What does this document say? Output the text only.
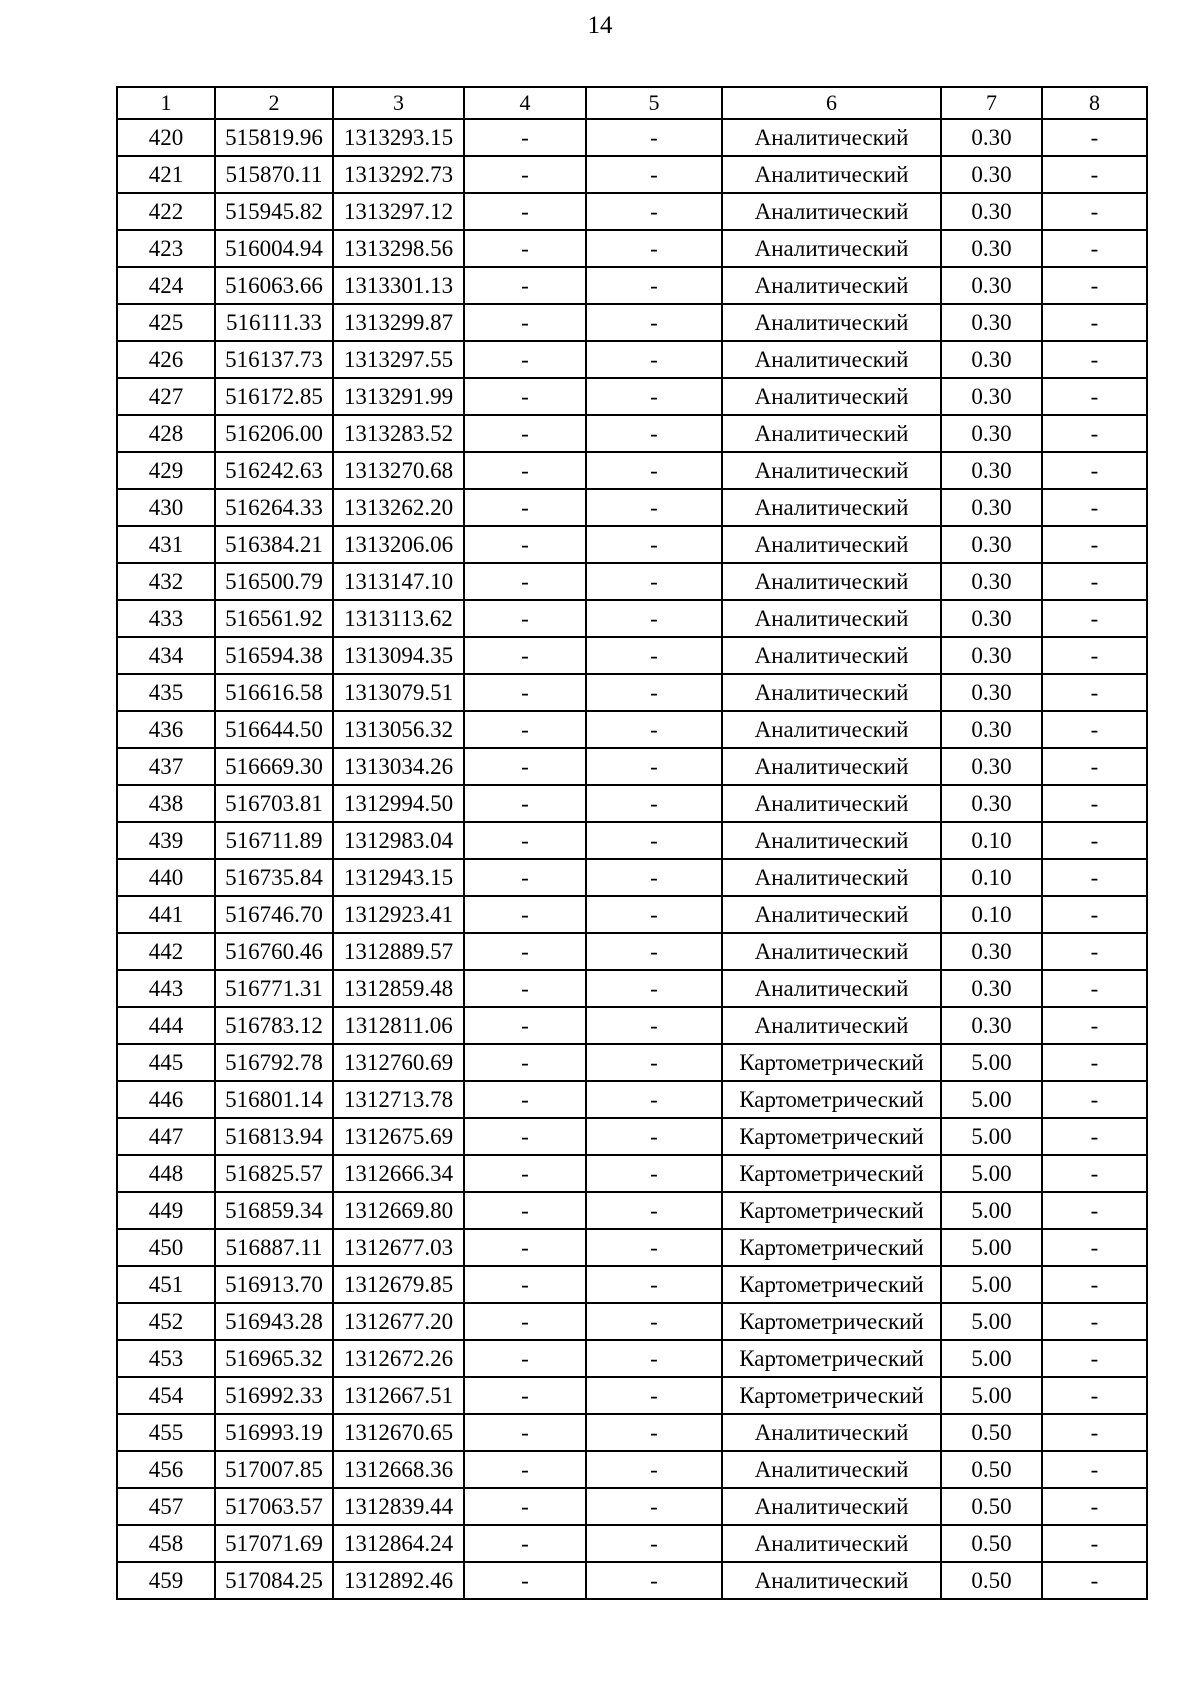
14
1	2	3	4	5	6	7	8
420	515819.96	1313293.15	-	-	Аналитический	0.30	-
421	515870.11	1313292.73	-	-	Аналитический	0.30	-
422	515945.82	1313297.12	-	-	Аналитический	0.30	-
423	516004.94	1313298.56	-	-	Аналитический	0.30	-
424	516063.66	1313301.13	-	-	Аналитический	0.30	-
425	516111.33	1313299.87	-	-	Аналитический	0.30	-
426	516137.73	1313297.55	-	-	Аналитический	0.30	-
427	516172.85	1313291.99	-	-	Аналитический	0.30	-
428	516206.00	1313283.52	-	-	Аналитический	0.30	-
429	516242.63	1313270.68	-	-	Аналитический	0.30	-
430	516264.33	1313262.20	-	-	Аналитический	0.30	-
431	516384.21	1313206.06	-	-	Аналитический	0.30	-
432	516500.79	1313147.10	-	-	Аналитический	0.30	-
433	516561.92	1313113.62	-	-	Аналитический	0.30	-
434	516594.38	1313094.35	-	-	Аналитический	0.30	-
435	516616.58	1313079.51	-	-	Аналитический	0.30	-
436	516644.50	1313056.32	-	-	Аналитический	0.30	-
437	516669.30	1313034.26	-	-	Аналитический	0.30	-
438	516703.81	1312994.50	-	-	Аналитический	0.30	-
439	516711.89	1312983.04	-	-	Аналитический	0.10	-
440	516735.84	1312943.15	-	-	Аналитический	0.10	-
441	516746.70	1312923.41	-	-	Аналитический	0.10	-
442	516760.46	1312889.57	-	-	Аналитический	0.30	-
443	516771.31	1312859.48	-	-	Аналитический	0.30	-
444	516783.12	1312811.06	-	-	Аналитический	0.30	-
445	516792.78	1312760.69	-	-	Картометрический	5.00	-
446	516801.14	1312713.78	-	-	Картометрический	5.00	-
447	516813.94	1312675.69	-	-	Картометрический	5.00	-
448	516825.57	1312666.34	-	-	Картометрический	5.00	-
449	516859.34	1312669.80	-	-	Картометрический	5.00	-
450	516887.11	1312677.03	-	-	Картометрический	5.00	-
451	516913.70	1312679.85	-	-	Картометрический	5.00	-
452	516943.28	1312677.20	-	-	Картометрический	5.00	-
453	516965.32	1312672.26	-	-	Картометрический	5.00	-
454	516992.33	1312667.51	-	-	Картометрический	5.00	-
455	516993.19	1312670.65	-	-	Аналитический	0.50	-
456	517007.85	1312668.36	-	-	Аналитический	0.50	-
457	517063.57	1312839.44	-	-	Аналитический	0.50	-
458	517071.69	1312864.24	-	-	Аналитический	0.50	-
459	517084.25	1312892.46	-	-	Аналитический	0.50	-
